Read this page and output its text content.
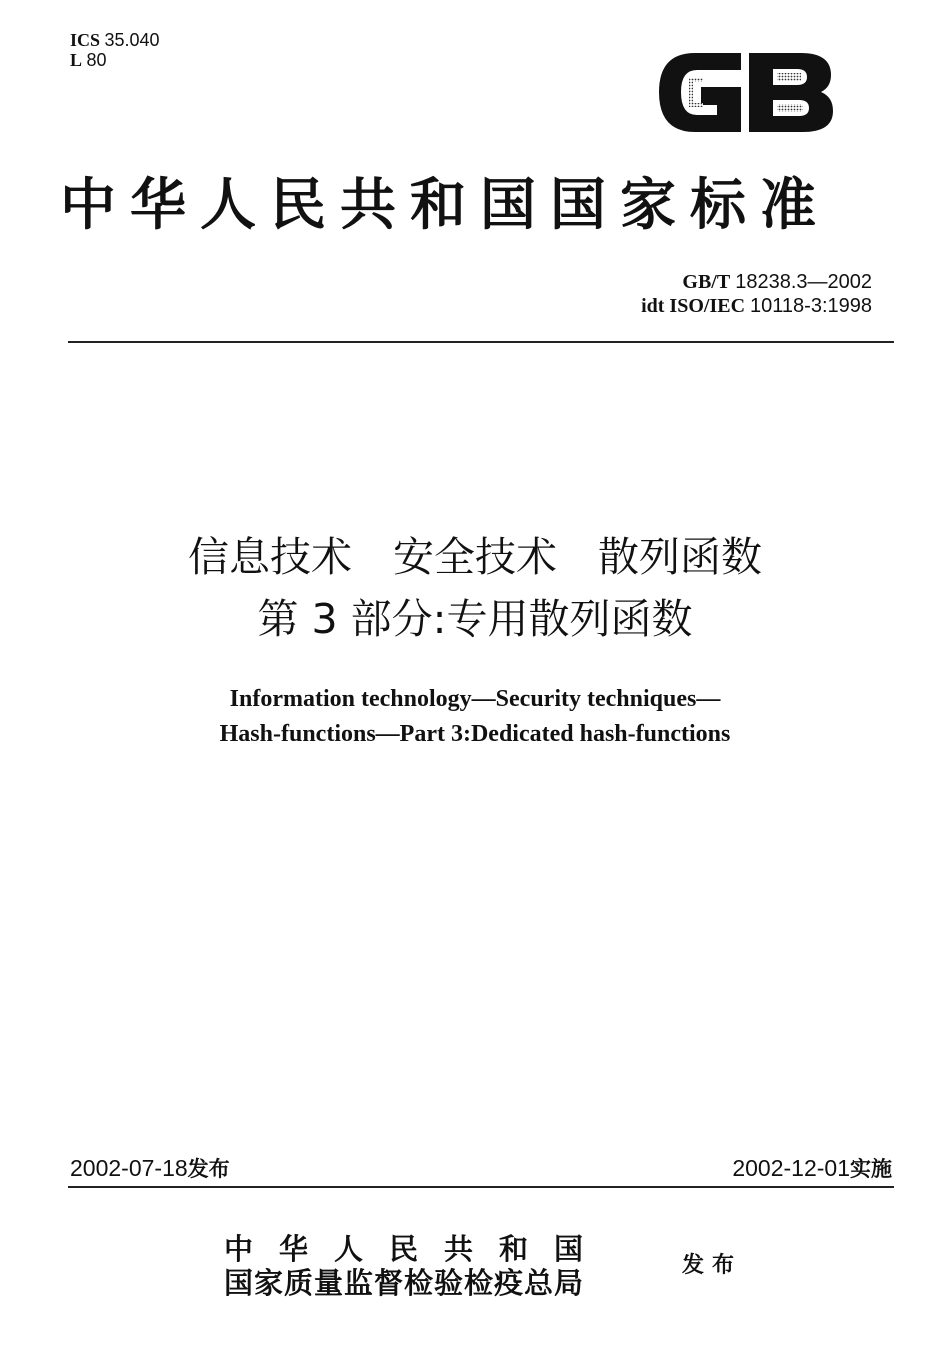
ICS 35.040
L 80
中华人民共和国国家标准
GB/T 18238.3—2002
idt ISO/IEC 10118-3:1998
信息技术　安全技术　散列函数
第 3 部分:专用散列函数
Information technology—Security techniques—
Hash-functions—Part 3:Dedicated hash-functions
2002-07-18发布	2002-12-01实施
中华人民共和国
国家质量监督检验检疫总局
发布
